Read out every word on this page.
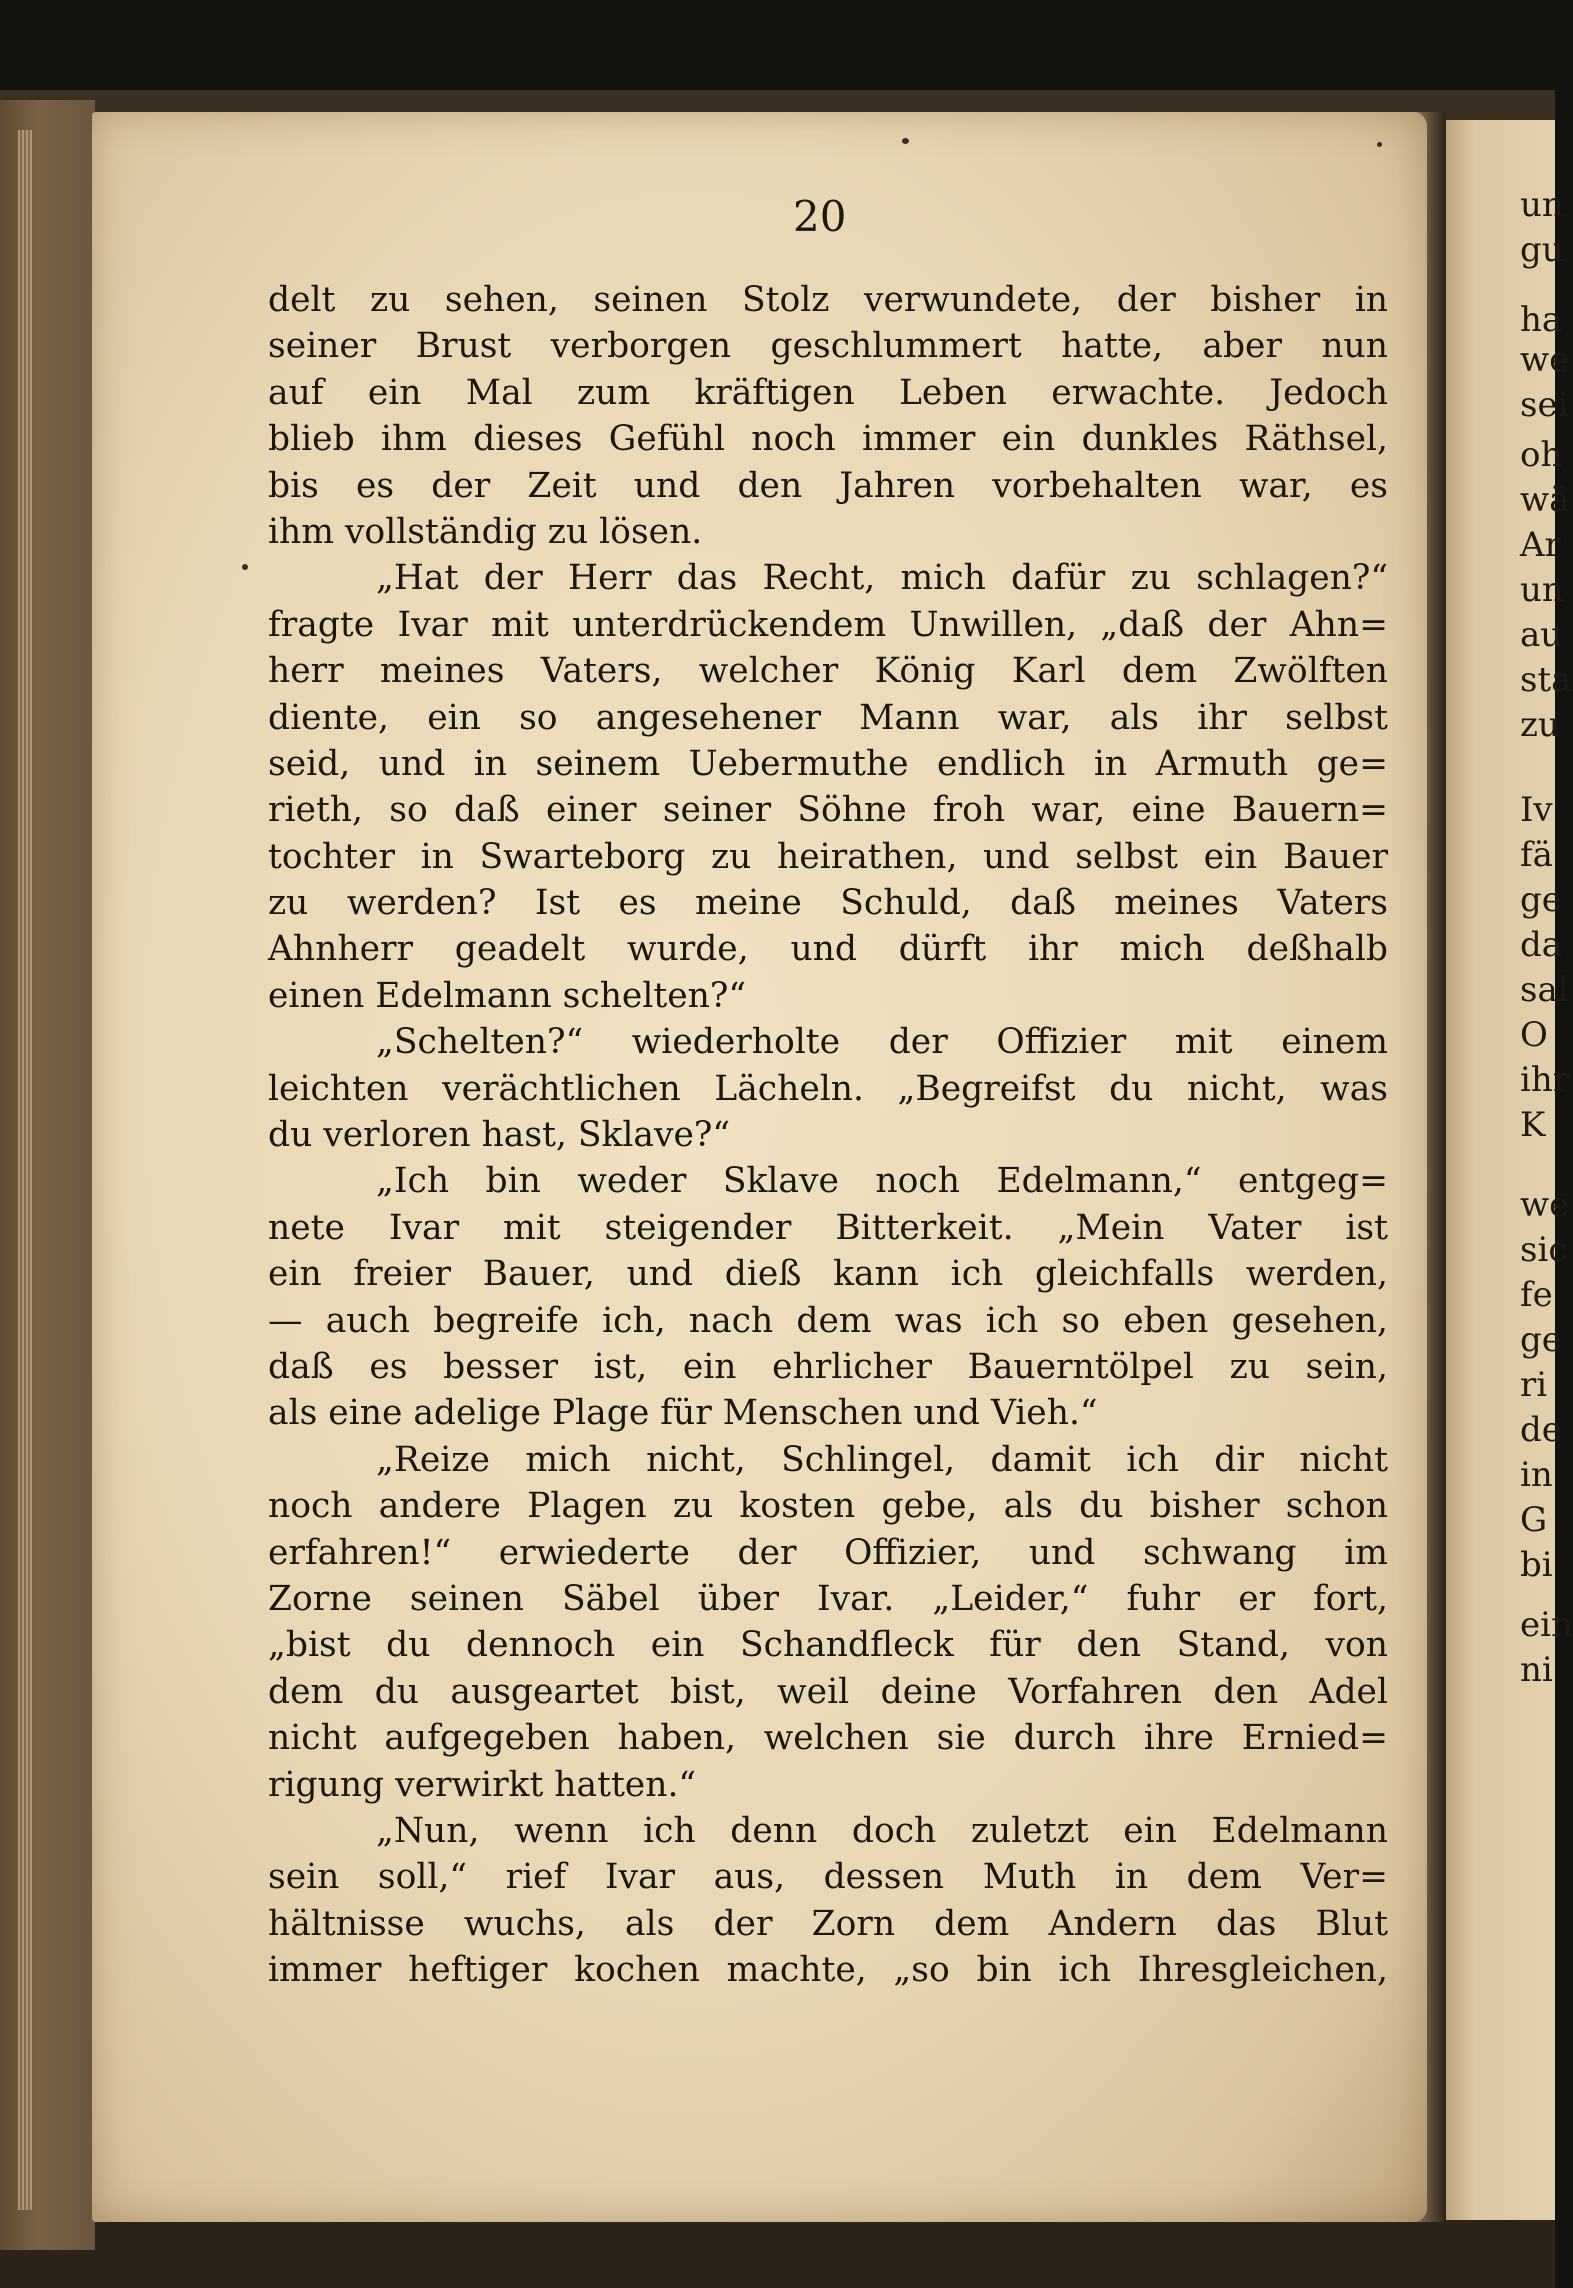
20
delt zu sehen, seinen Stolz verwundete, der bisher in
seiner Brust verborgen geschlummert hatte, aber nun
auf ein Mal zum kräftigen Leben erwachte. Jedoch
blieb ihm dieses Gefühl noch immer ein dunkles Räthsel,
bis es der Zeit und den Jahren vorbehalten war, es
ihm vollständig zu lösen.
„Hat der Herr das Recht, mich dafür zu schlagen?“
fragte Ivar mit unterdrückendem Unwillen, „daß der Ahn=
herr meines Vaters, welcher König Karl dem Zwölften
diente, ein so angesehener Mann war, als ihr selbst
seid, und in seinem Uebermuthe endlich in Armuth ge=
rieth, so daß einer seiner Söhne froh war, eine Bauern=
tochter in Swarteborg zu heirathen, und selbst ein Bauer
zu werden? Ist es meine Schuld, daß meines Vaters
Ahnherr geadelt wurde, und dürft ihr mich deßhalb
einen Edelmann schelten?“
„Schelten?“ wiederholte der Offizier mit einem
leichten verächtlichen Lächeln. „Begreifst du nicht, was
du verloren hast, Sklave?“
„Ich bin weder Sklave noch Edelmann,“ entgeg=
nete Ivar mit steigender Bitterkeit. „Mein Vater ist
ein freier Bauer, und dieß kann ich gleichfalls werden,
— auch begreife ich, nach dem was ich so eben gesehen,
daß es besser ist, ein ehrlicher Bauerntölpel zu sein,
als eine adelige Plage für Menschen und Vieh.“
„Reize mich nicht, Schlingel, damit ich dir nicht
noch andere Plagen zu kosten gebe, als du bisher schon
erfahren!“ erwiederte der Offizier, und schwang im
Zorne seinen Säbel über Ivar. „Leider,“ fuhr er fort,
„bist du dennoch ein Schandfleck für den Stand, von
dem du ausgeartet bist, weil deine Vorfahren den Adel
nicht aufgegeben haben, welchen sie durch ihre Ernied=
rigung verwirkt hatten.“
„Nun, wenn ich denn doch zuletzt ein Edelmann
sein soll,“ rief Ivar aus, dessen Muth in dem Ver=
hältnisse wuchs, als der Zorn dem Andern das Blut
immer heftiger kochen machte, „so bin ich Ihresgleichen,
un
gu
ha
we
sei
oh
wä
Ar
un
au
sta
zu
Iv
fä
ge
da
sal
O
ihr
K
we
sic
fe
ge
ri
de
in
G
bi
ein
ni
